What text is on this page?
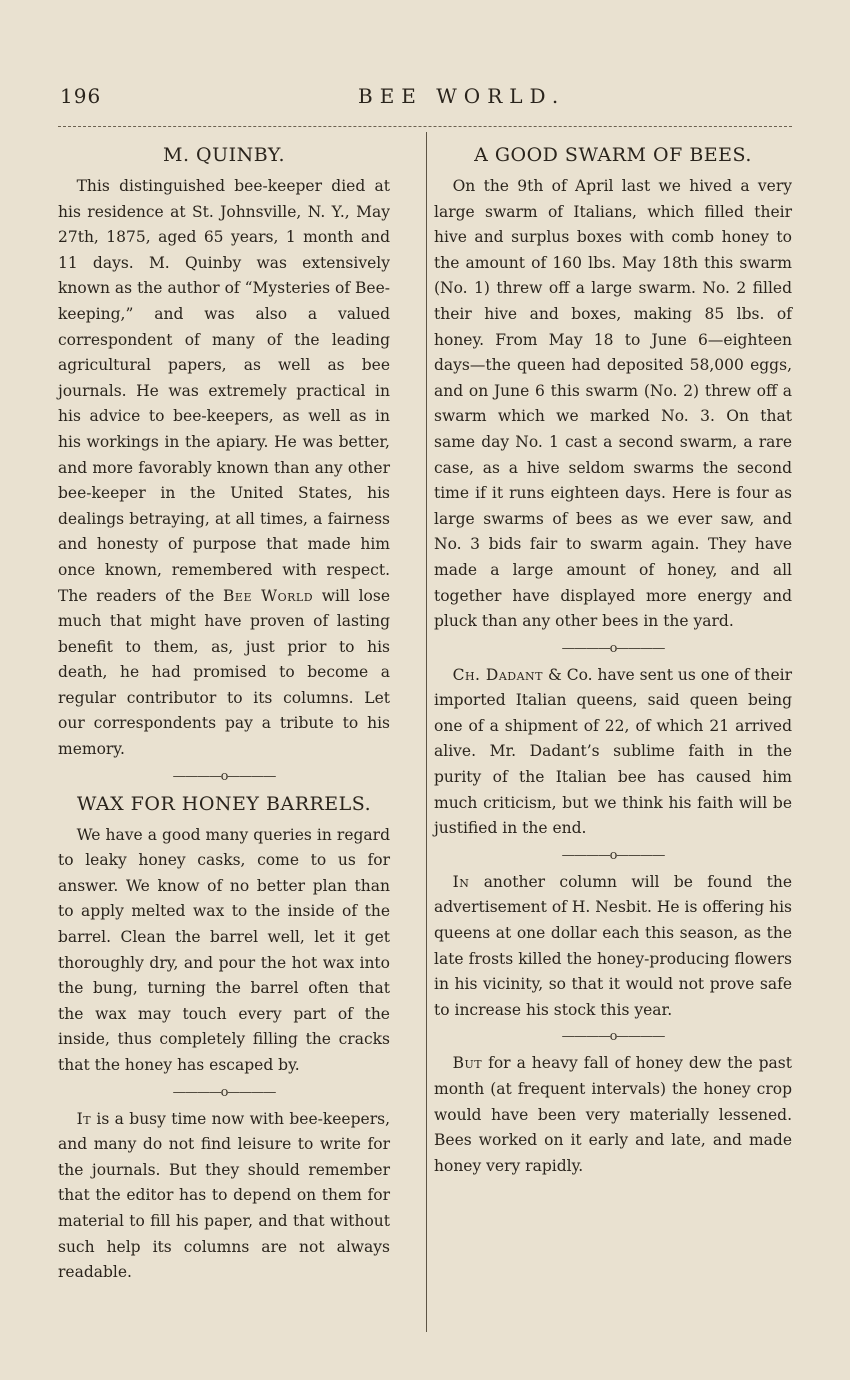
196	BEE WORLD.
M. QUINBY.

This distinguished bee-keeper died at his residence at St. Johnsville, N. Y., May 27th, 1875, aged 65 years, 1 month and 11 days. M. Quinby was extensively known as the author of “Mysteries of Bee-keeping,” and was also a valued correspondent of many of the leading agricultural papers, as well as bee journals. He was extremely practical in his advice to bee-keepers, as well as in his workings in the apiary. He was better, and more favorably known than any other bee-keeper in the United States, his dealings betraying, at all times, a fairness and honesty of purpose that made him once known, remembered with respect. The readers of the Bee World will lose much that might have proven of lasting benefit to them, as, just prior to his death, he had promised to become a regular contributor to its columns. Let our correspondents pay a tribute to his memory.

————o————
WAX FOR HONEY BARRELS.

We have a good many queries in regard to leaky honey casks, come to us for answer. We know of no better plan than to apply melted wax to the inside of the barrel. Clean the barrel well, let it get thoroughly dry, and pour the hot wax into the bung, turning the barrel often that the wax may touch every part of the inside, thus completely filling the cracks that the honey has escaped by.

————o————

It is a busy time now with bee-keepers, and many do not find leisure to write for the journals. But they should remember that the editor has to depend on them for material to fill his paper, and that without such help its columns are not always readable.

A GOOD SWARM OF BEES.

On the 9th of April last we hived a very large swarm of Italians, which filled their hive and surplus boxes with comb honey to the amount of 160 lbs. May 18th this swarm (No. 1) threw off a large swarm. No. 2 filled their hive and boxes, making 85 lbs. of honey. From May 18 to June 6—eighteen days—the queen had deposited 58,000 eggs, and on June 6 this swarm (No. 2) threw off a swarm which we marked No. 3. On that same day No. 1 cast a second swarm, a rare case, as a hive seldom swarms the second time if it runs eighteen days. Here is four as large swarms of bees as we ever saw, and No. 3 bids fair to swarm again. They have made a large amount of honey, and all together have displayed more energy and pluck than any other bees in the yard.

————o————

Ch. Dadant & Co. have sent us one of their imported Italian queens, said queen being one of a shipment of 22, of which 21 arrived alive. Mr. Dadant’s sublime faith in the purity of the Italian bee has caused him much criticism, but we think his faith will be justified in the end.

————o————

In another column will be found the advertisement of H. Nesbit. He is offering his queens at one dollar each this season, as the late frosts killed the honey-producing flowers in his vicinity, so that it would not prove safe to increase his stock this year.

————o————

But for a heavy fall of honey dew the past month (at frequent intervals) the honey crop would have been very materially lessened. Bees worked on it early and late, and made honey very rapidly.
